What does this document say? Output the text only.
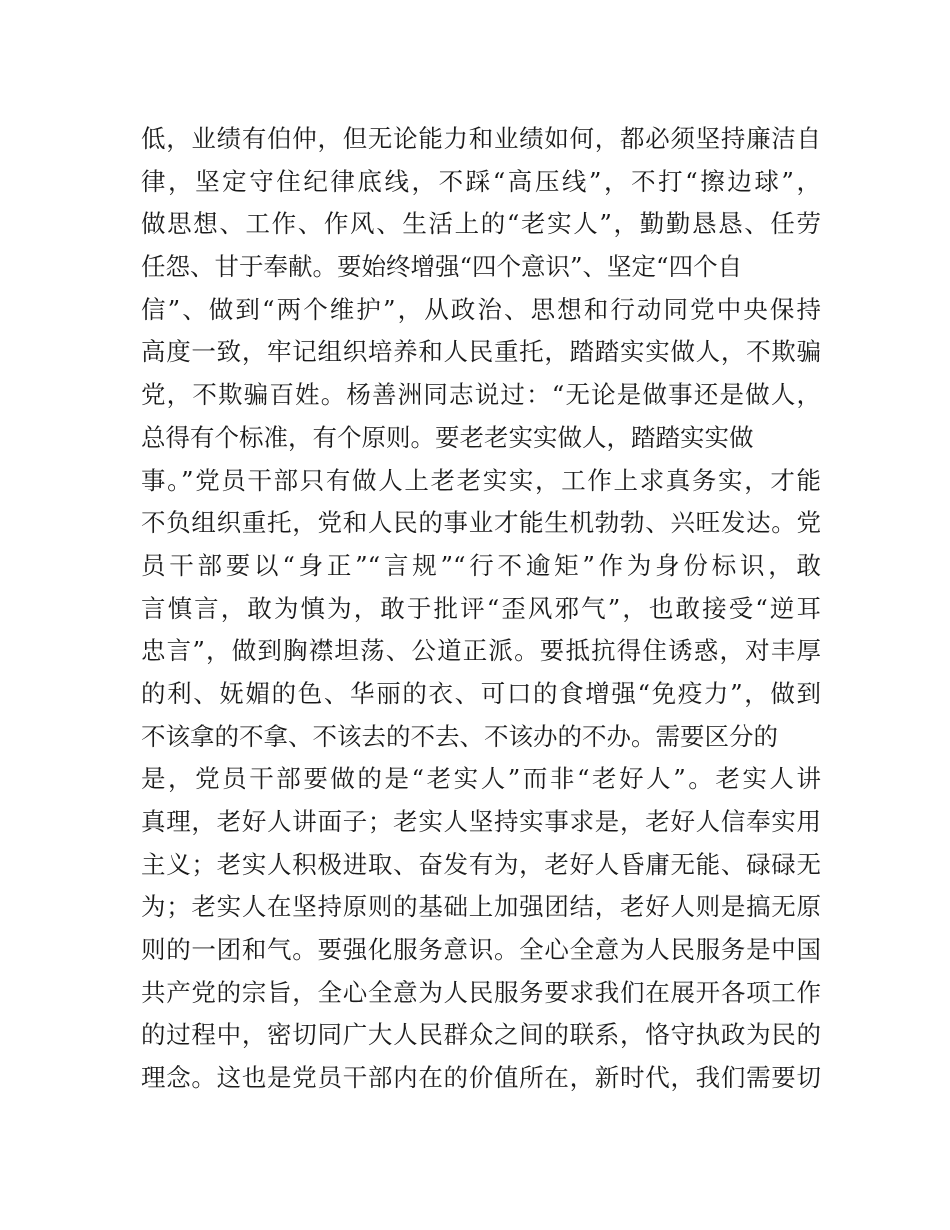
低，业绩有伯仲，但无论能力和业绩如何，都必须坚持廉洁自
律，坚定守住纪律底线，不踩“高压线”，不打“擦边球”，
做思想、工作、作风、生活上的“老实人”，勤勤恳恳、任劳
任怨、甘于奉献。要始终增强“四个意识”、坚定“四个自
信”、做到“两个维护”，从政治、思想和行动同党中央保持
高度一致，牢记组织培养和人民重托，踏踏实实做人，不欺骗
党，不欺骗百姓。杨善洲同志说过：“无论是做事还是做人，
总得有个标准，有个原则。要老老实实做人，踏踏实实做
事。”党员干部只有做人上老老实实，工作上求真务实，才能
不负组织重托，党和人民的事业才能生机勃勃、兴旺发达。党
员干部要以“身正”“言规”“行不逾矩”作为身份标识，敢
言慎言，敢为慎为，敢于批评“歪风邪气”，也敢接受“逆耳
忠言”，做到胸襟坦荡、公道正派。要抵抗得住诱惑，对丰厚
的利、妩媚的色、华丽的衣、可口的食增强“免疫力”，做到
不该拿的不拿、不该去的不去、不该办的不办。需要区分的
是，党员干部要做的是“老实人”而非“老好人”。老实人讲
真理，老好人讲面子；老实人坚持实事求是，老好人信奉实用
主义；老实人积极进取、奋发有为，老好人昏庸无能、碌碌无
为；老实人在坚持原则的基础上加强团结，老好人则是搞无原
则的一团和气。要强化服务意识。全心全意为人民服务是中国
共产党的宗旨，全心全意为人民服务要求我们在展开各项工作
的过程中，密切同广大人民群众之间的联系，恪守执政为民的
理念。这也是党员干部内在的价值所在，新时代，我们需要切
